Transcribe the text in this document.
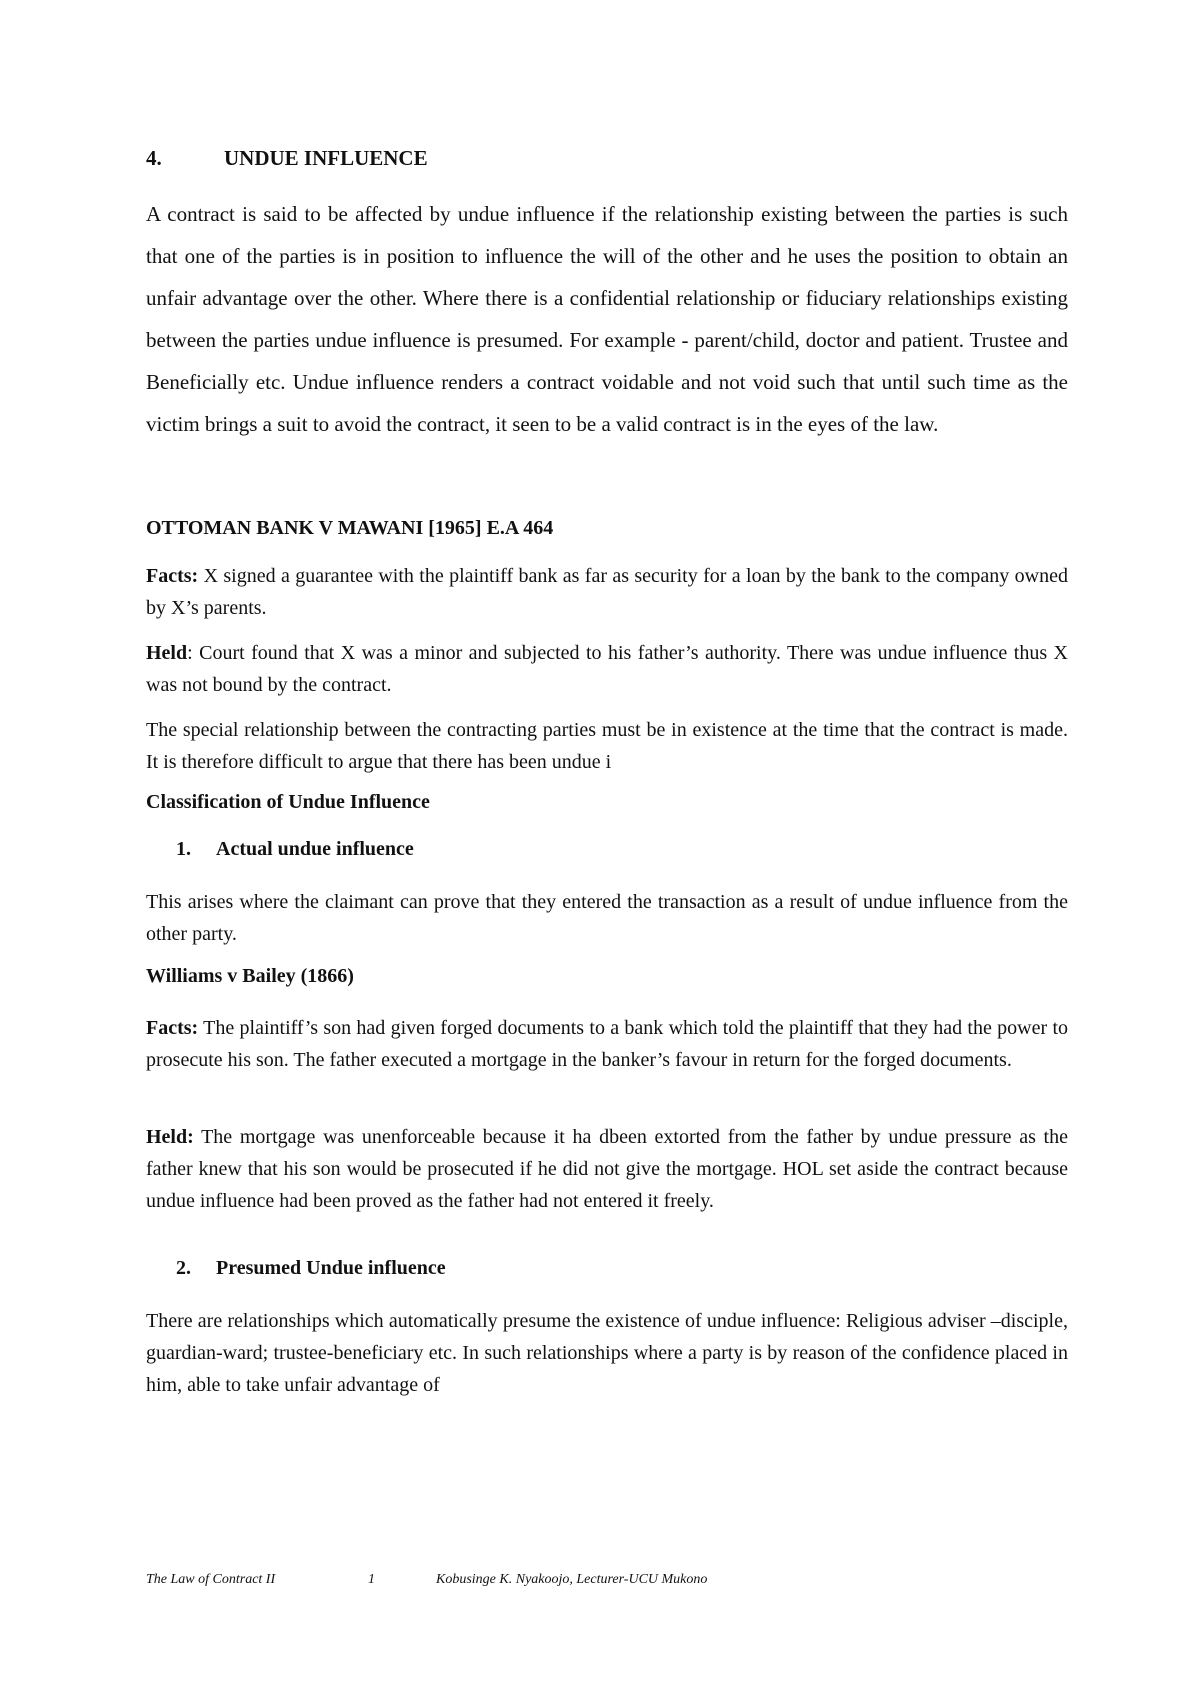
4.	UNDUE INFLUENCE

A contract is said to be affected by undue influence if the relationship existing between the parties is such that one of the parties is in position to influence the will of the other and he uses the position to obtain an unfair advantage over the other. Where there is a confidential relationship or fiduciary relationships existing between the parties undue influence is presumed. For example - parent/child, doctor and patient. Trustee and Beneficially etc. Undue influence renders a contract voidable and not void such that until such time as the victim brings a suit to avoid the contract, it seen to be a valid contract is in the eyes of the law.

OTTOMAN BANK V MAWANI [1965] E.A 464

Facts: X signed a guarantee with the plaintiff bank as far as security for a loan by the bank to the company owned by X’s parents.

Held: Court found that X was a minor and subjected to his father’s authority. There was undue influence thus X was not bound by the contract.

The special relationship between the contracting parties must be in existence at the time that the contract is made. It is therefore difficult to argue that there has been undue i

Classification of Undue Influence
1. Actual undue influence

This arises where the claimant can prove that they entered the transaction as a result of undue influence from the other party.

Williams v Bailey (1866)

Facts: The plaintiff’s son had given forged documents to a bank which told the plaintiff that they had the power to prosecute his son. The father executed a mortgage in the banker’s favour in return for the forged documents.

Held: The mortgage was unenforceable because it ha dbeen extorted from the father by undue pressure as the father knew that his son would be prosecuted if he did not give the mortgage. HOL set aside the contract because undue influence had been proved as the father had not entered it freely.

2. Presumed Undue influence

There are relationships which automatically presume the existence of undue influence: Religious adviser –disciple, guardian-ward; trustee-beneficiary etc. In such relationships where a party is by reason of the confidence placed in him, able to take unfair advantage of

The Law of Contract II	1	Kobusinge K. Nyakoojo, Lecturer-UCU Mukono
